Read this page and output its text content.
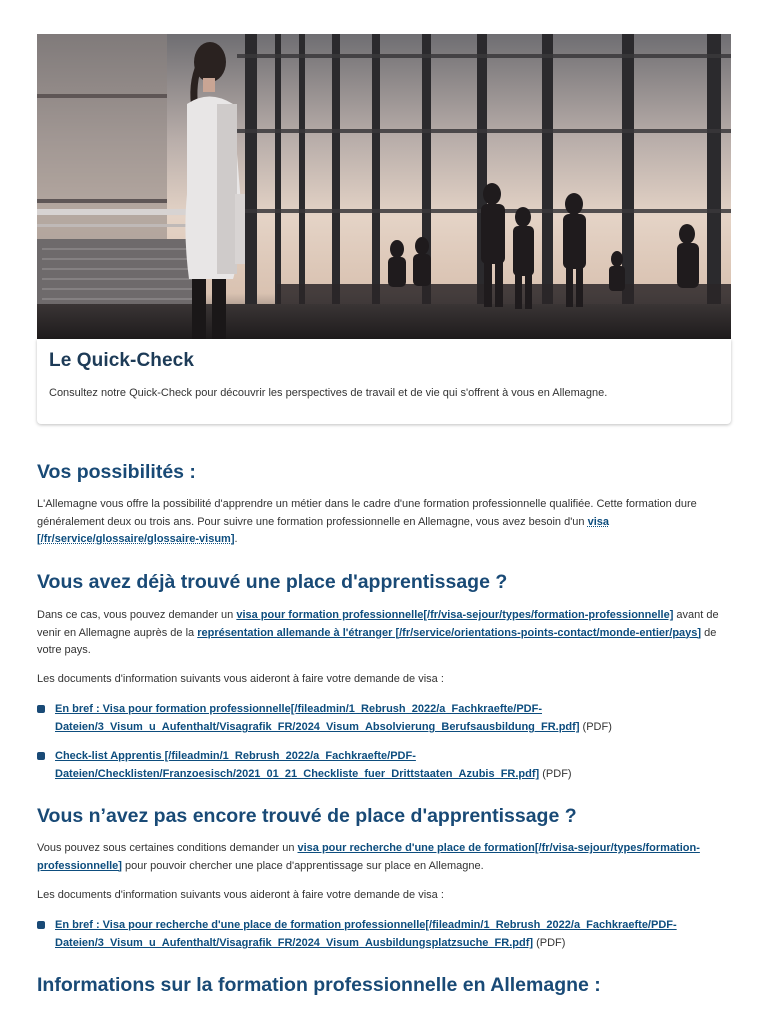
Le Quick-Check

Consultez notre Quick-Check pour découvrir les perspectives de travail et de vie qui s'offrent à vous en Allemagne.

Vos possibilités :

L'Allemagne vous offre la possibilité d'apprendre un métier dans le cadre d'une formation professionnelle qualifiée. Cette formation dure généralement deux ou trois ans. Pour suivre une formation professionnelle en Allemagne, vous avez besoin d'un visa
[/fr/service/glossaire/glossaire-visum].

Vous avez déjà trouvé une place d'apprentissage ?

Dans ce cas, vous pouvez demander un visa pour formation professionnelle[/fr/visa-sejour/types/formation-professionnelle] avant de venir en Allemagne auprès de la représentation allemande à l'étranger [/fr/service/orientations-points-contact/monde-entier/pays] de votre pays.

Les documents d'information suivants vous aideront à faire votre demande de visa :

En bref : Visa pour formation professionnelle[/fileadmin/1_Rebrush_2022/a_Fachkraefte/PDF-Dateien/3_Visum_u_Aufenthalt/Visagrafik_FR/2024_Visum_Absolvierung_Berufsausbildung_FR.pdf] (PDF)
Check-list Apprentis [/fileadmin/1_Rebrush_2022/a_Fachkraefte/PDF-Dateien/Checklisten/Franzoesisch/2021_01_21_Checkliste_fuer_Drittstaaten_Azubis_FR.pdf] (PDF)
Vous n’avez pas encore trouvé de place d'apprentissage ?

Vous pouvez sous certaines conditions demander un visa pour recherche d'une place de formation[/fr/visa-sejour/types/formation-professionnelle] pour pouvoir chercher une place d'apprentissage sur place en Allemagne.

Les documents d'information suivants vous aideront à faire votre demande de visa :

En bref : Visa pour recherche d'une place de formation professionnelle[/fileadmin/1_Rebrush_2022/a_Fachkraefte/PDF-Dateien/3_Visum_u_Aufenthalt/Visagrafik_FR/2024_Visum_Ausbildungsplatzsuche_FR.pdf] (PDF)
Informations sur la formation professionnelle en Allemagne :
